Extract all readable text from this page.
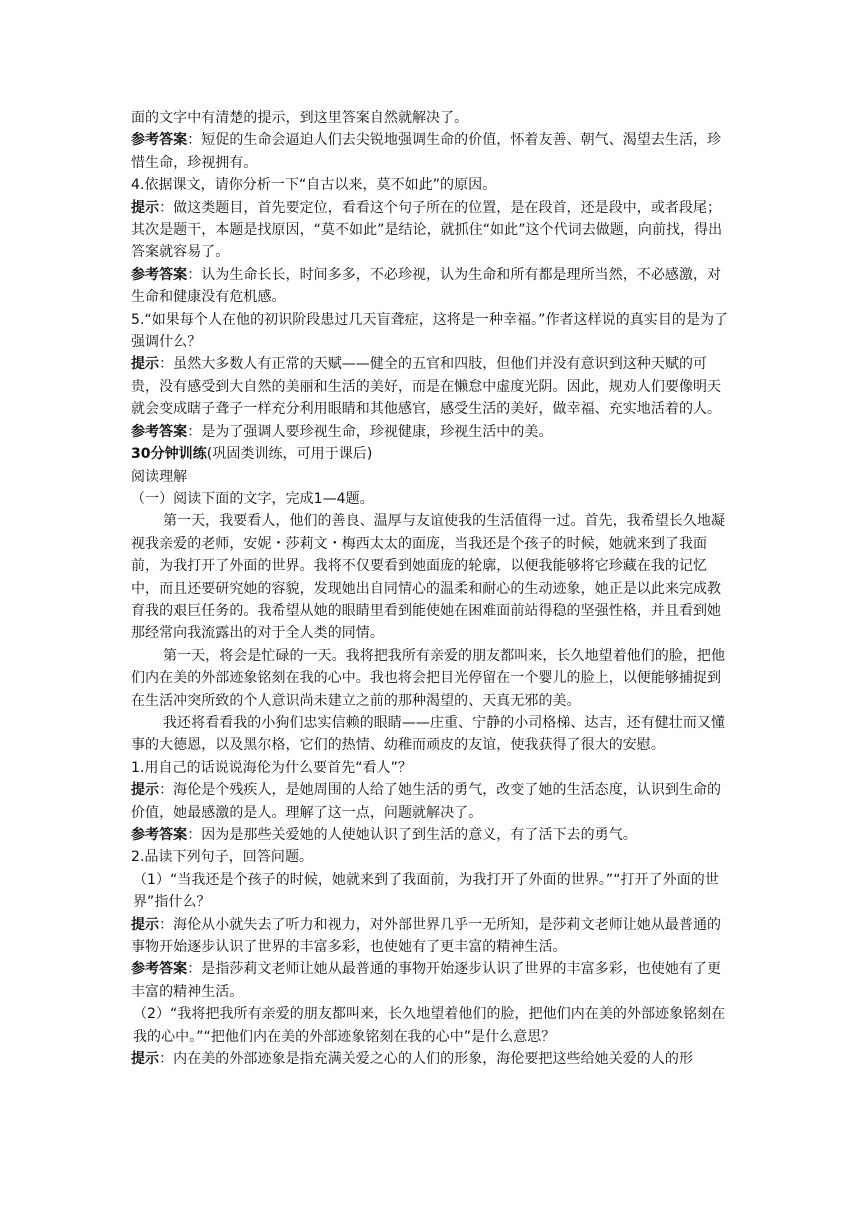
面的文字中有清楚的提示，到这里答案自然就解决了。

参考答案：短促的生命会逼迫人们去尖锐地强调生命的价值，怀着友善、朝气、渴望去生活，珍惜生命，珍视拥有。

4.依据课文，请你分析一下“自古以来，莫不如此”的原因。

提示：做这类题目，首先要定位，看看这个句子所在的位置，是在段首，还是段中，或者段尾；其次是题干，本题是找原因，“莫不如此”是结论，就抓住“如此”这个代词去做题，向前找，得出答案就容易了。

参考答案：认为生命长长，时间多多，不必珍视，认为生命和所有都是理所当然，不必感激，对生命和健康没有危机感。

5.“如果每个人在他的初识阶段患过几天盲聋症，这将是一种幸福。”作者这样说的真实目的是为了强调什么？

提示：虽然大多数人有正常的天赋——健全的五官和四肢，但他们并没有意识到这种天赋的可贵，没有感受到大自然的美丽和生活的美好，而是在懒怠中虚度光阴。因此，规劝人们要像明天就会变成瞎子聋子一样充分利用眼睛和其他感官，感受生活的美好，做幸福、充实地活着的人。

参考答案：是为了强调人要珍视生命，珍视健康，珍视生活中的美。

30分钟训练(巩固类训练，可用于课后)

阅读理解

（一）阅读下面的文字，完成1—4题。

第一天，我要看人，他们的善良、温厚与友谊使我的生活值得一过。首先，我希望长久地凝视我亲爱的老师，安妮・莎莉文・梅西太太的面庞，当我还是个孩子的时候，她就来到了我面前，为我打开了外面的世界。我将不仅要看到她面庞的轮廓，以便我能够将它珍藏在我的记忆中，而且还要研究她的容貌，发现她出自同情心的温柔和耐心的生动迹象，她正是以此来完成教育我的艰巨任务的。我希望从她的眼睛里看到能使她在困难面前站得稳的坚强性格，并且看到她那经常向我流露出的对于全人类的同情。

第一天，将会是忙碌的一天。我将把我所有亲爱的朋友都叫来，长久地望着他们的脸，把他们内在美的外部迹象铭刻在我的心中。我也将会把目光停留在一个婴儿的脸上，以便能够捕捉到在生活冲突所致的个人意识尚未建立之前的那种渴望的、天真无邪的美。

我还将看看我的小狗们忠实信赖的眼睛——庄重、宁静的小司格梯、达吉，还有健壮而又懂事的大德恩，以及黑尔格，它们的热情、幼稚而顽皮的友谊，使我获得了很大的安慰。

1.用自己的话说说海伦为什么要首先“看人”？

提示：海伦是个残疾人，是她周围的人给了她生活的勇气，改变了她的生活态度，认识到生命的价值，她最感激的是人。理解了这一点，问题就解决了。

参考答案：因为是那些关爱她的人使她认识了到生活的意义，有了活下去的勇气。

2.品读下列句子，回答问题。

（1）“当我还是个孩子的时候，她就来到了我面前，为我打开了外面的世界。”“打开了外面的世界”指什么？

提示：海伦从小就失去了听力和视力，对外部世界几乎一无所知，是莎莉文老师让她从最普通的事物开始逐步认识了世界的丰富多彩，也使她有了更丰富的精神生活。

参考答案：是指莎莉文老师让她从最普通的事物开始逐步认识了世界的丰富多彩，也使她有了更丰富的精神生活。

（2）“我将把我所有亲爱的朋友都叫来，长久地望着他们的脸，把他们内在美的外部迹象铭刻在我的心中。”“把他们内在美的外部迹象铭刻在我的心中”是什么意思？

提示：内在美的外部迹象是指充满关爱之心的人们的形象，海伦要把这些给她关爱的人的形
